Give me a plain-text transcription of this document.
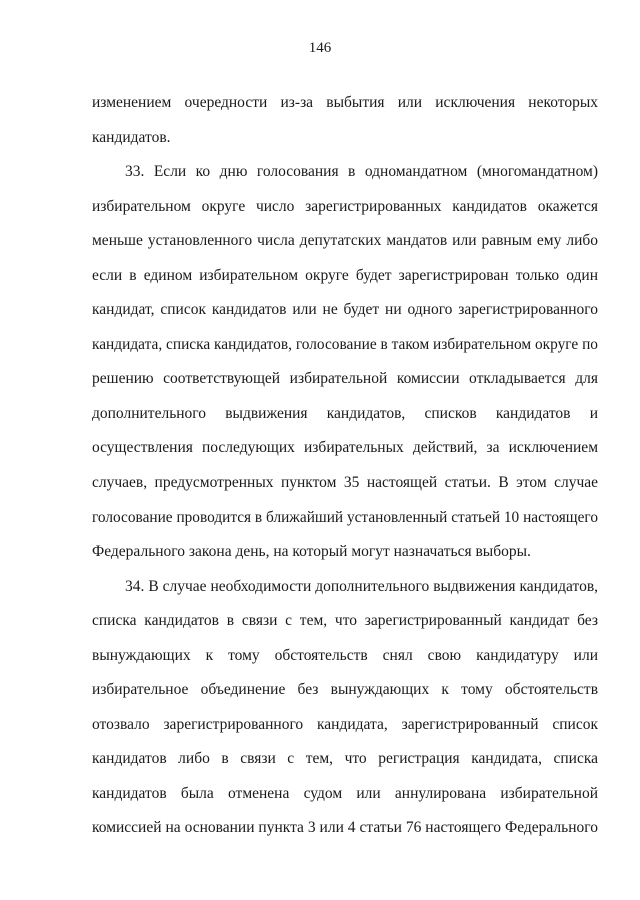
146
изменением очередности из-за выбытия или исключения некоторых
кандидатов.
33. Если ко дню голосования в одномандатном (многомандатном)
избирательном округе число зарегистрированных кандидатов окажется
меньше установленного числа депутатских мандатов или равным ему либо
если в едином избирательном округе будет зарегистрирован только один
кандидат, список кандидатов или не будет ни одного зарегистрированного
кандидата, списка кандидатов, голосование в таком избирательном округе по
решению соответствующей избирательной комиссии откладывается для
дополнительного выдвижения кандидатов, списков кандидатов и
осуществления последующих избирательных действий, за исключением
случаев, предусмотренных пунктом 35 настоящей статьи. В этом случае
голосование проводится в ближайший установленный статьей 10 настоящего
Федерального закона день, на который могут назначаться выборы.
34. В случае необходимости дополнительного выдвижения кандидатов,
списка кандидатов в связи с тем, что зарегистрированный кандидат без
вынуждающих к тому обстоятельств снял свою кандидатуру или
избирательное объединение без вынуждающих к тому обстоятельств
отозвало зарегистрированного кандидата, зарегистрированный список
кандидатов либо в связи с тем, что регистрация кандидата, списка
кандидатов была отменена судом или аннулирована избирательной
комиссией на основании пункта 3 или 4 статьи 76 настоящего Федерального
